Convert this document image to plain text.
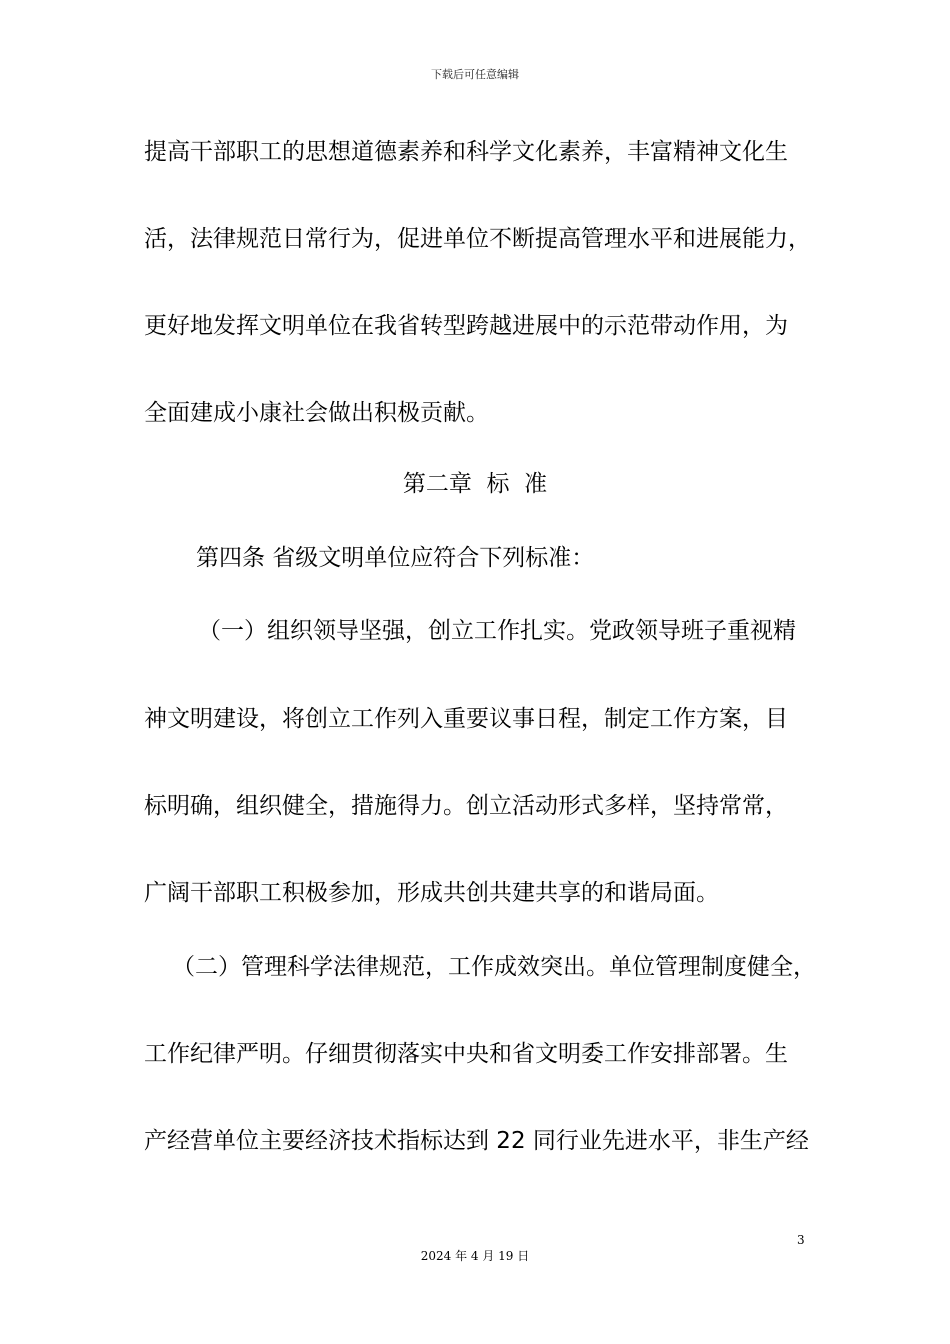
下载后可任意编辑
提高干部职工的思想道德素养和科学文化素养，丰富精神文化生
活，法律规范日常行为，促进单位不断提高管理水平和进展能力，
更好地发挥文明单位在我省转型跨越进展中的示范带动作用，为
全面建成小康社会做出积极贡献。
第二章  标  准
第四条 省级文明单位应符合下列标准：
（一）组织领导坚强，创立工作扎实。党政领导班子重视精
神文明建设，将创立工作列入重要议事日程，制定工作方案，目
标明确，组织健全，措施得力。创立活动形式多样，坚持常常，
广阔干部职工积极参加，形成共创共建共享的和谐局面。
（二）管理科学法律规范，工作成效突出。单位管理制度健全，
工作纪律严明。仔细贯彻落实中央和省文明委工作安排部署。生
产经营单位主要经济技术指标达到 22 同行业先进水平，非生产经
3
2024 年 4 月 19 日
